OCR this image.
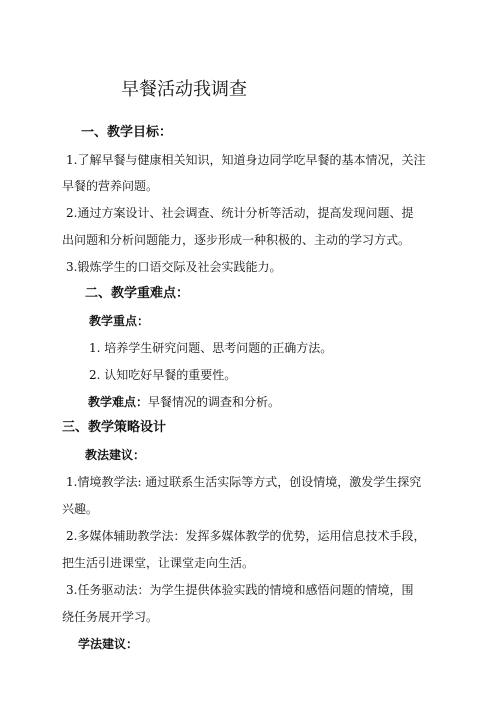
早餐活动我调查
一、教学目标：
1.了解早餐与健康相关知识，知道身边同学吃早餐的基本情况，关注
早餐的营养问题。
2.通过方案设计、社会调查、统计分析等活动，提高发现问题、提
出问题和分析问题能力，逐步形成一种积极的、主动的学习方式。
3.锻炼学生的口语交际及社会实践能力。
二、教学重难点：
教学重点：
1. 培养学生研究问题、思考问题的正确方法。
2. 认知吃好早餐的重要性。
教学难点：早餐情况的调查和分析。
三、教学策略设计
教法建议：
1.情境教学法: 通过联系生活实际等方式，创设情境，激发学生探究
兴趣。
2.多媒体辅助教学法：发挥多媒体教学的优势，运用信息技术手段，
把生活引进课堂，让课堂走向生活。
3.任务驱动法：为学生提供体验实践的情境和感悟问题的情境，围
绕任务展开学习。
学法建议：
